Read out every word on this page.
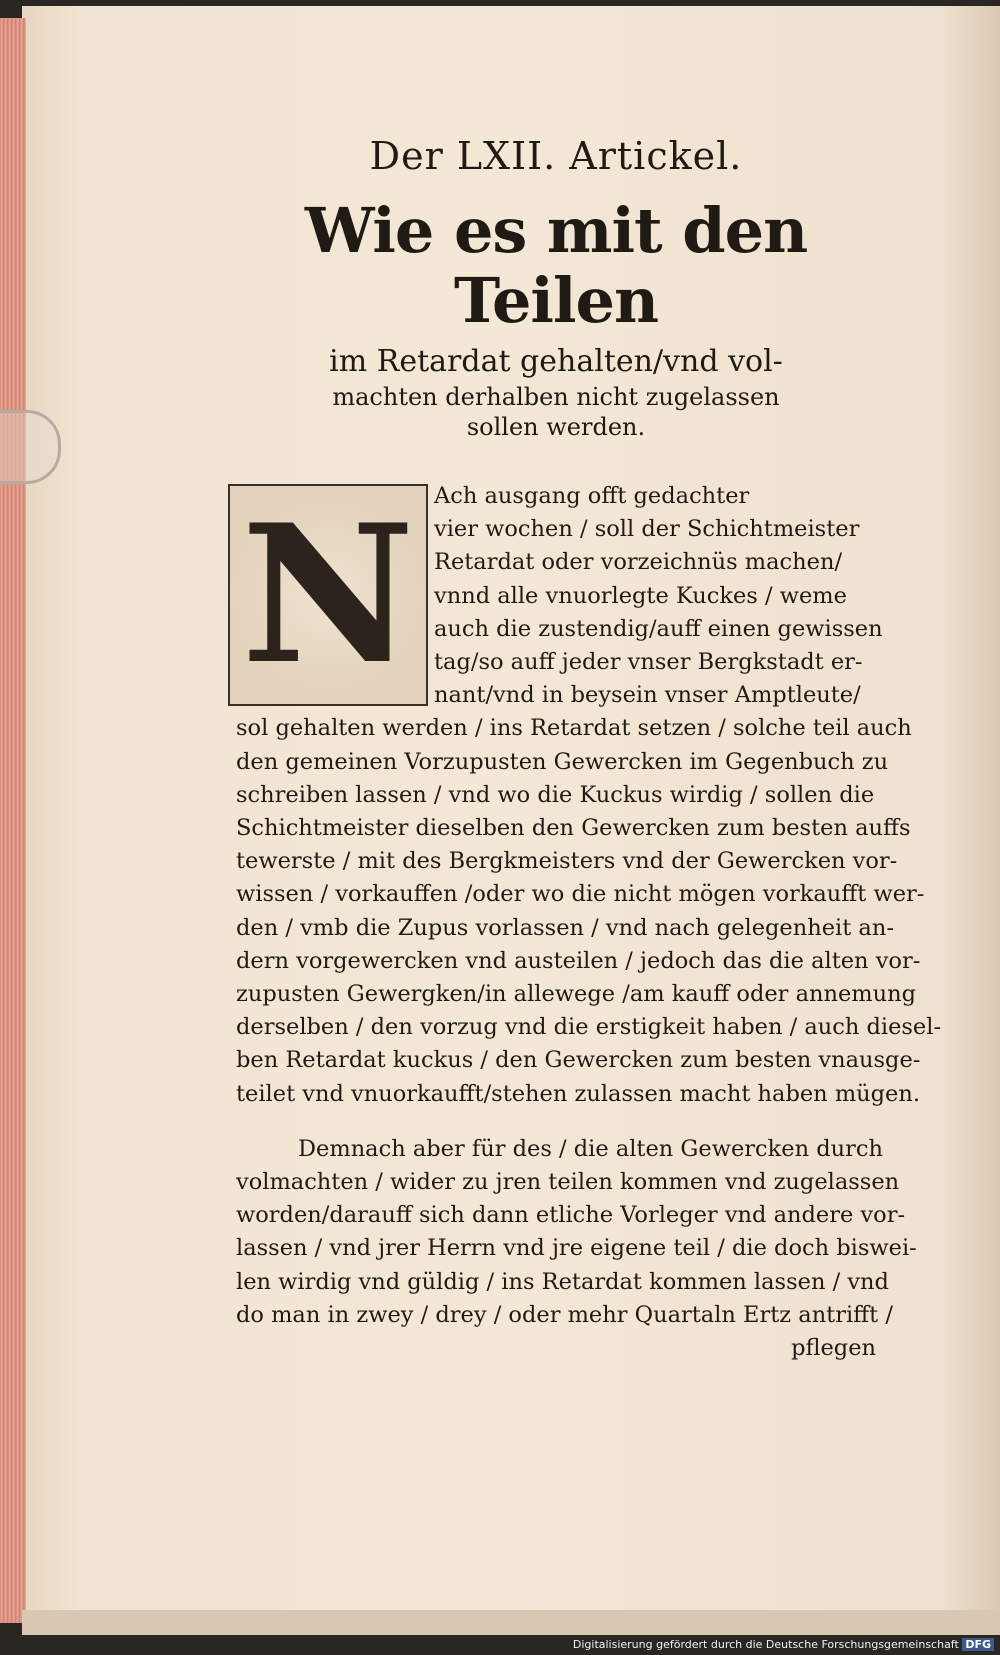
Der LXII. Artickel.
Wie es mit den Teilen
im Retardat gehalten/vnd vol-
machten derhalben nicht zugelassen
sollen werden.
N Ach ausgang offt gedachter
vier wochen / soll der Schichtmeister
Retardat oder vorzeichnüs machen/
vnnd alle vnuorlegte Kuckes / weme
auch die zustendig/auff einen gewissen
tag/so auff jeder vnser Bergkstadt er-
nant/vnd in beysein vnser Amptleute/
sol gehalten werden / ins Retardat setzen / solche teil auch
den gemeinen Vorzupusten Gewercken im Gegenbuch zu
schreiben lassen / vnd wo die Kuckus wirdig / sollen die
Schichtmeister dieselben den Gewercken zum besten auffs
tewerste / mit des Bergkmeisters vnd der Gewercken vor-
wissen / vorkauffen /oder wo die nicht mögen vorkaufft wer-
den / vmb die Zupus vorlassen / vnd nach gelegenheit an-
dern vorgewercken vnd austeilen / jedoch das die alten vor-
zupusten Gewergken/in allewege /am kauff oder annemung
derselben / den vorzug vnd die erstigkeit haben / auch diesel-
ben Retardat kuckus / den Gewercken zum besten vnausge-
teilet vnd vnuorkaufft/stehen zulassen macht haben mügen.
Demnach aber für des / die alten Gewercken durch
volmachten / wider zu jren teilen kommen vnd zugelassen
worden/darauff sich dann etliche Vorleger vnd andere vor-
lassen / vnd jrer Herrn vnd jre eigene teil / die doch biswei-
len wirdig vnd güldig / ins Retardat kommen lassen / vnd
do man in zwey / drey / oder mehr Quartaln Ertz antrifft /
pflegen
Digitalisierung gefördert durch die Deutsche Forschungsgemeinschaft DFG
